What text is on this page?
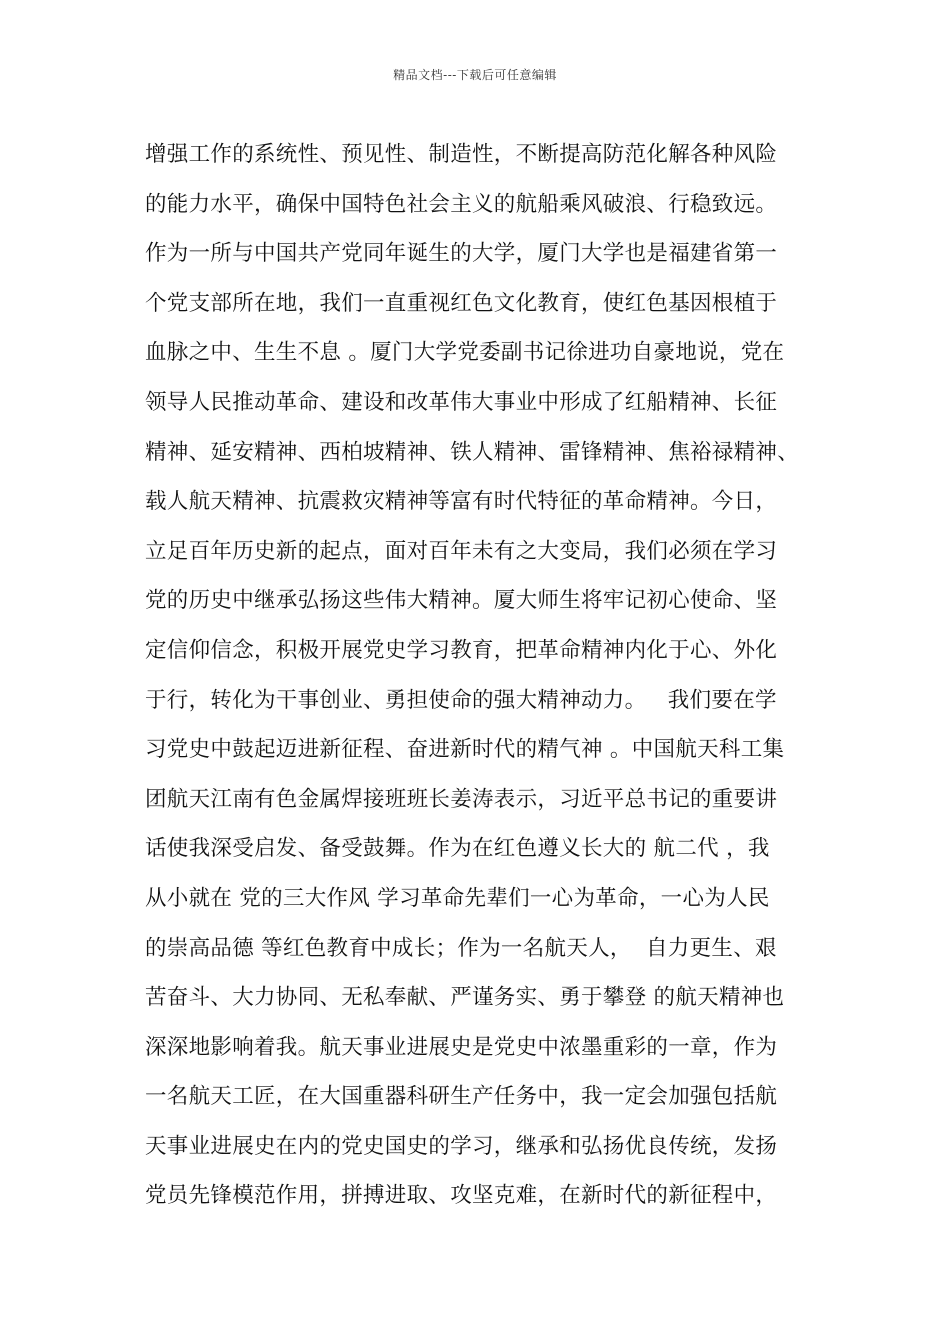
精品文档---下载后可任意编辑
增强工作的系统性、预见性、制造性，不断提高防范化解各种风险
的能力水平，确保中国特色社会主义的航船乘风破浪、行稳致远。
作为一所与中国共产党同年诞生的大学，厦门大学也是福建省第一
个党支部所在地，我们一直重视红色文化教育，使红色基因根植于
血脉之中、生生不息 。厦门大学党委副书记徐进功自豪地说，党在
领导人民推动革命、建设和改革伟大事业中形成了红船精神、长征
精神、延安精神、西柏坡精神、铁人精神、雷锋精神、焦裕禄精神、
载人航天精神、抗震救灾精神等富有时代特征的革命精神。今日，
立足百年历史新的起点，面对百年未有之大变局，我们必须在学习
党的历史中继承弘扬这些伟大精神。厦大师生将牢记初心使命、坚
定信仰信念，积极开展党史学习教育，把革命精神内化于心、外化
于行，转化为干事创业、勇担使命的强大精神动力。   我们要在学
习党史中鼓起迈进新征程、奋进新时代的精气神 。中国航天科工集
团航天江南有色金属焊接班班长姜涛表示，习近平总书记的重要讲
话使我深受启发、备受鼓舞。作为在红色遵义长大的 航二代 ，我
从小就在 党的三大作风 学习革命先辈们一心为革命，一心为人民
的崇高品德 等红色教育中成长；作为一名航天人，  自力更生、艰
苦奋斗、大力协同、无私奉献、严谨务实、勇于攀登 的航天精神也
深深地影响着我。航天事业进展史是党史中浓墨重彩的一章，作为
一名航天工匠，在大国重器科研生产任务中，我一定会加强包括航
天事业进展史在内的党史国史的学习，继承和弘扬优良传统，发扬
党员先锋模范作用，拼搏进取、攻坚克难，在新时代的新征程中，
